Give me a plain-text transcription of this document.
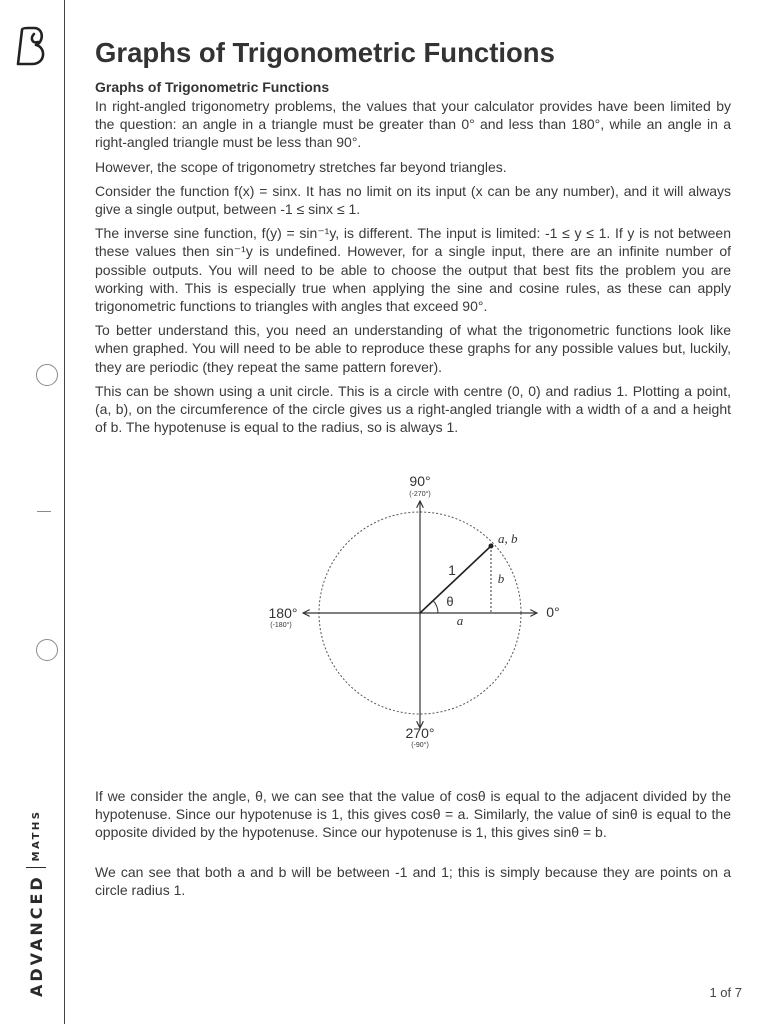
ADVANCED
MATHS
Graphs of Trigonometric Functions
Graphs of Trigonometric Functions

In right-angled trigonometry problems, the values that your calculator provides have been limited by the question: an angle in a triangle must be greater than 0° and less than 180°, while an angle in a right-angled triangle must be less than 90°.

However, the scope of trigonometry stretches far beyond triangles.

Consider the function f(x) = sinx. It has no limit on its input (x can be any number), and it will always give a single output, between -1 ≤ sinx ≤ 1.

The inverse sine function, f(y) = sin⁻¹y, is different. The input is limited: -1 ≤ y ≤ 1. If y is not between these values then sin⁻¹y is undefined. However, for a single input, there are an infinite number of possible outputs. You will need to be able to choose the output that best fits the problem you are working with. This is especially true when applying the sine and cosine rules, as these can apply trigonometric functions to triangles with angles that exceed 90°.

To better understand this, you need an understanding of what the trigonometric functions look like when graphed. You will need to be able to reproduce these graphs for any possible values but, luckily, they are periodic (they repeat the same pattern forever).

This can be shown using a unit circle. This is a circle with centre (0, 0) and radius 1. Plotting a point, (a, b), on the circumference of the circle gives us a right-angled triangle with a width of a and a height of b. The hypotenuse is equal to the radius, so is always 1.

90°
(-270°)
180°
(-180°)
0°
270°
(-90°)
a, b
1
b
a
θ

If we consider the angle, θ, we can see that the value of cosθ is equal to the adjacent divided by the hypotenuse. Since our hypotenuse is 1, this gives cosθ = a. Similarly, the value of sinθ is equal to the opposite divided by the hypotenuse. Since our hypotenuse is 1, this gives sinθ = b.

We can see that both a and b will be between -1 and 1; this is simply because they are points on a circle radius 1.

1 of 7
